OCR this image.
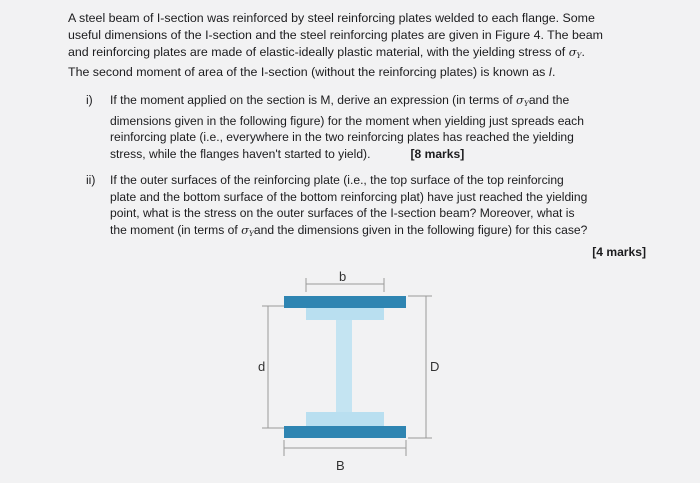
A steel beam of I-section was reinforced by steel reinforcing plates welded to each flange. Some
useful dimensions of the I-section and the steel reinforcing plates are given in Figure 4. The beam
and reinforcing plates are made of elastic-ideally plastic material, with the yielding stress of $\sigma_Y$.
The second moment of area of the I-section (without the reinforcing plates) is known as I.
i) If the moment applied on the section is M, derive an expression (in terms of $\sigma_Yand$ the
dimensions given in the following figure) for the moment when yielding just spreads each
reinforcing plate (i.e., everywhere in the two reinforcing plates has reached the yielding
stress, while the flanges haven't started to yield).	[8 marks]
ii) If the outer surfaces of the reinforcing plate (i.e., the top surface of the top reinforcing
plate and the bottom surface of the bottom reinforcing plat) have just reached the yielding
point, what is the stress on the outer surfaces of the I-section beam? Moreover, what is
the moment (in terms of $\sigma_Yand$ the dimensions given in the following figure) for this case?
[4 marks]
b
d	D
B
